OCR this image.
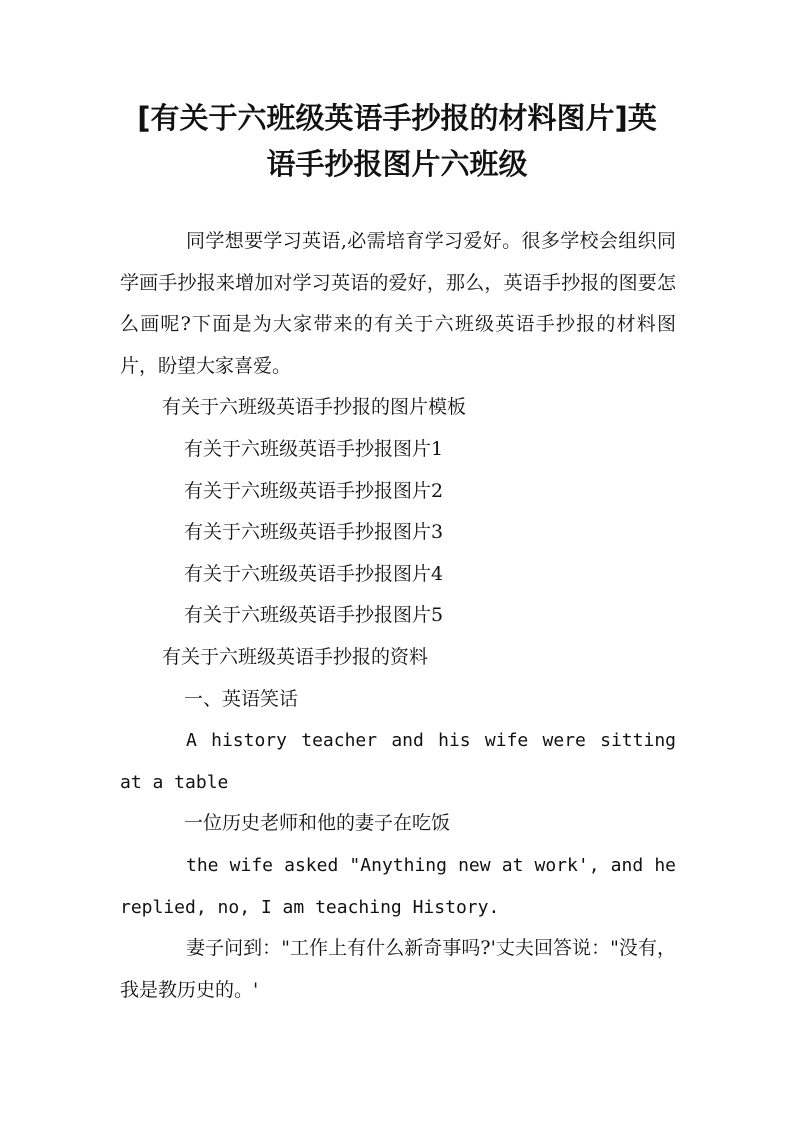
[有关于六班级英语手抄报的材料图片]英
语手抄报图片六班级

同学想要学习英语,必需培育学习爱好。很多学校会组织同学画手抄报来增加对学习英语的爱好，那么，英语手抄报的图要怎么画呢?下面是为大家带来的有关于六班级英语手抄报的材料图片，盼望大家喜爱。

有关于六班级英语手抄报的图片模板

有关于六班级英语手抄报图片1

有关于六班级英语手抄报图片2

有关于六班级英语手抄报图片3

有关于六班级英语手抄报图片4

有关于六班级英语手抄报图片5

有关于六班级英语手抄报的资料

一、英语笑话

A history teacher and his wife were sitting at a table

一位历史老师和他的妻子在吃饭

the wife asked "Anything new at work', and he replied, no, I am teaching History.

妻子问到："工作上有什么新奇事吗?'丈夫回答说："没有，我是教历史的。'
